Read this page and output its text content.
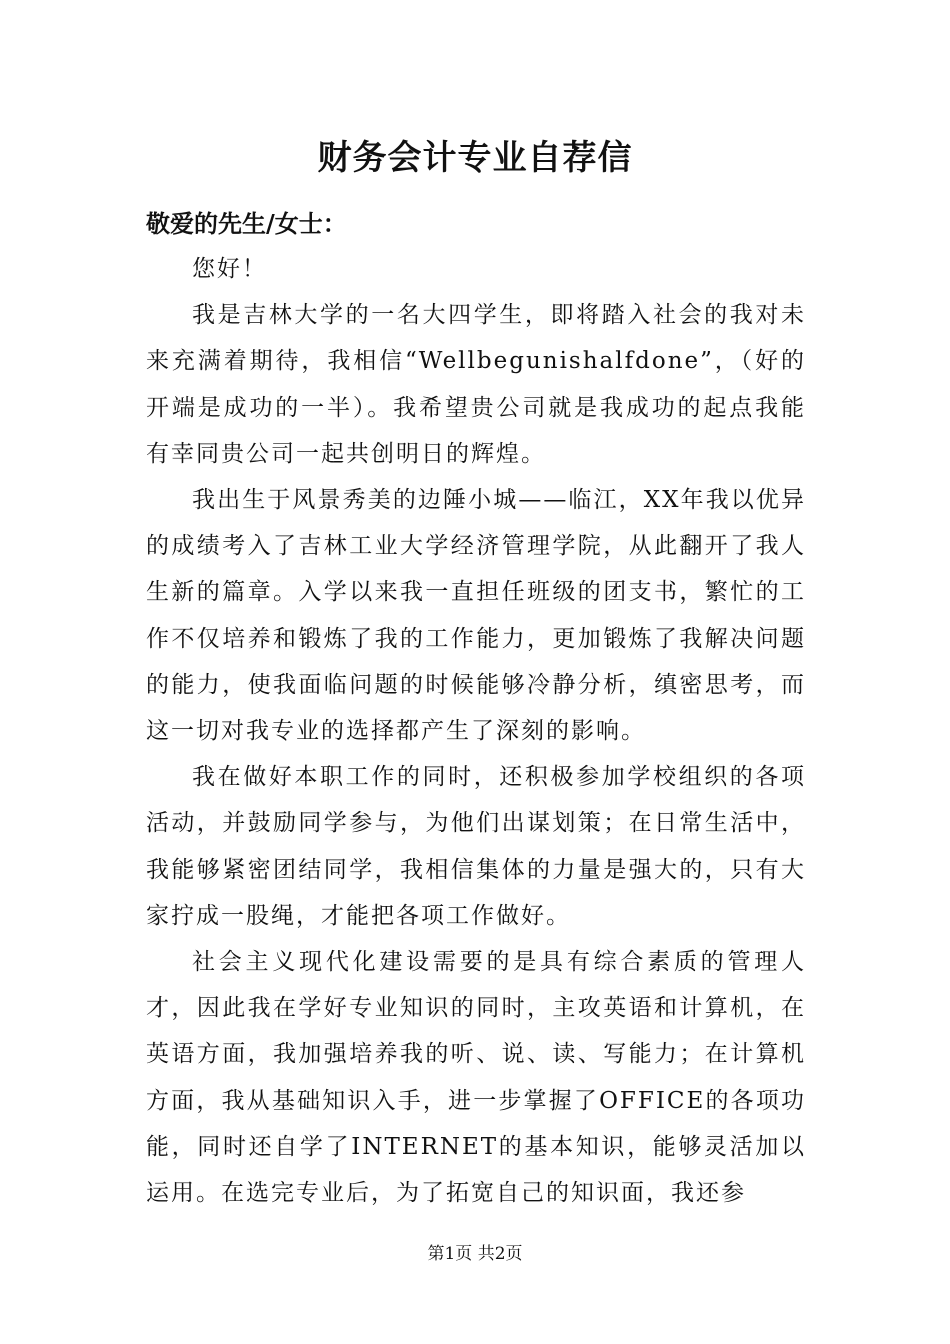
财务会计专业自荐信
敬爱的先生/女士：

您好！

我是吉林大学的一名大四学生，即将踏入社会的我对未来充满着期待，我相信“Wellbegunishalfdone”，（好的开端是成功的一半）。我希望贵公司就是我成功的起点我能有幸同贵公司一起共创明日的辉煌。

我出生于风景秀美的边陲小城——临江，XX年我以优异的成绩考入了吉林工业大学经济管理学院，从此翻开了我人生新的篇章。入学以来我一直担任班级的团支书，繁忙的工作不仅培养和锻炼了我的工作能力，更加锻炼了我解决问题的能力，使我面临问题的时候能够冷静分析，缜密思考，而这一切对我专业的选择都产生了深刻的影响。

我在做好本职工作的同时，还积极参加学校组织的各项活动，并鼓励同学参与，为他们出谋划策；在日常生活中，我能够紧密团结同学，我相信集体的力量是强大的，只有大家拧成一股绳，才能把各项工作做好。

社会主义现代化建设需要的是具有综合素质的管理人才，因此我在学好专业知识的同时，主攻英语和计算机，在英语方面，我加强培养我的听、说、读、写能力；在计算机方面，我从基础知识入手，进一步掌握了OFFICE的各项功能，同时还自学了INTERNET的基本知识，能够灵活加以运用。在选完专业后，为了拓宽自己的知识面，我还参

第1页 共2页
